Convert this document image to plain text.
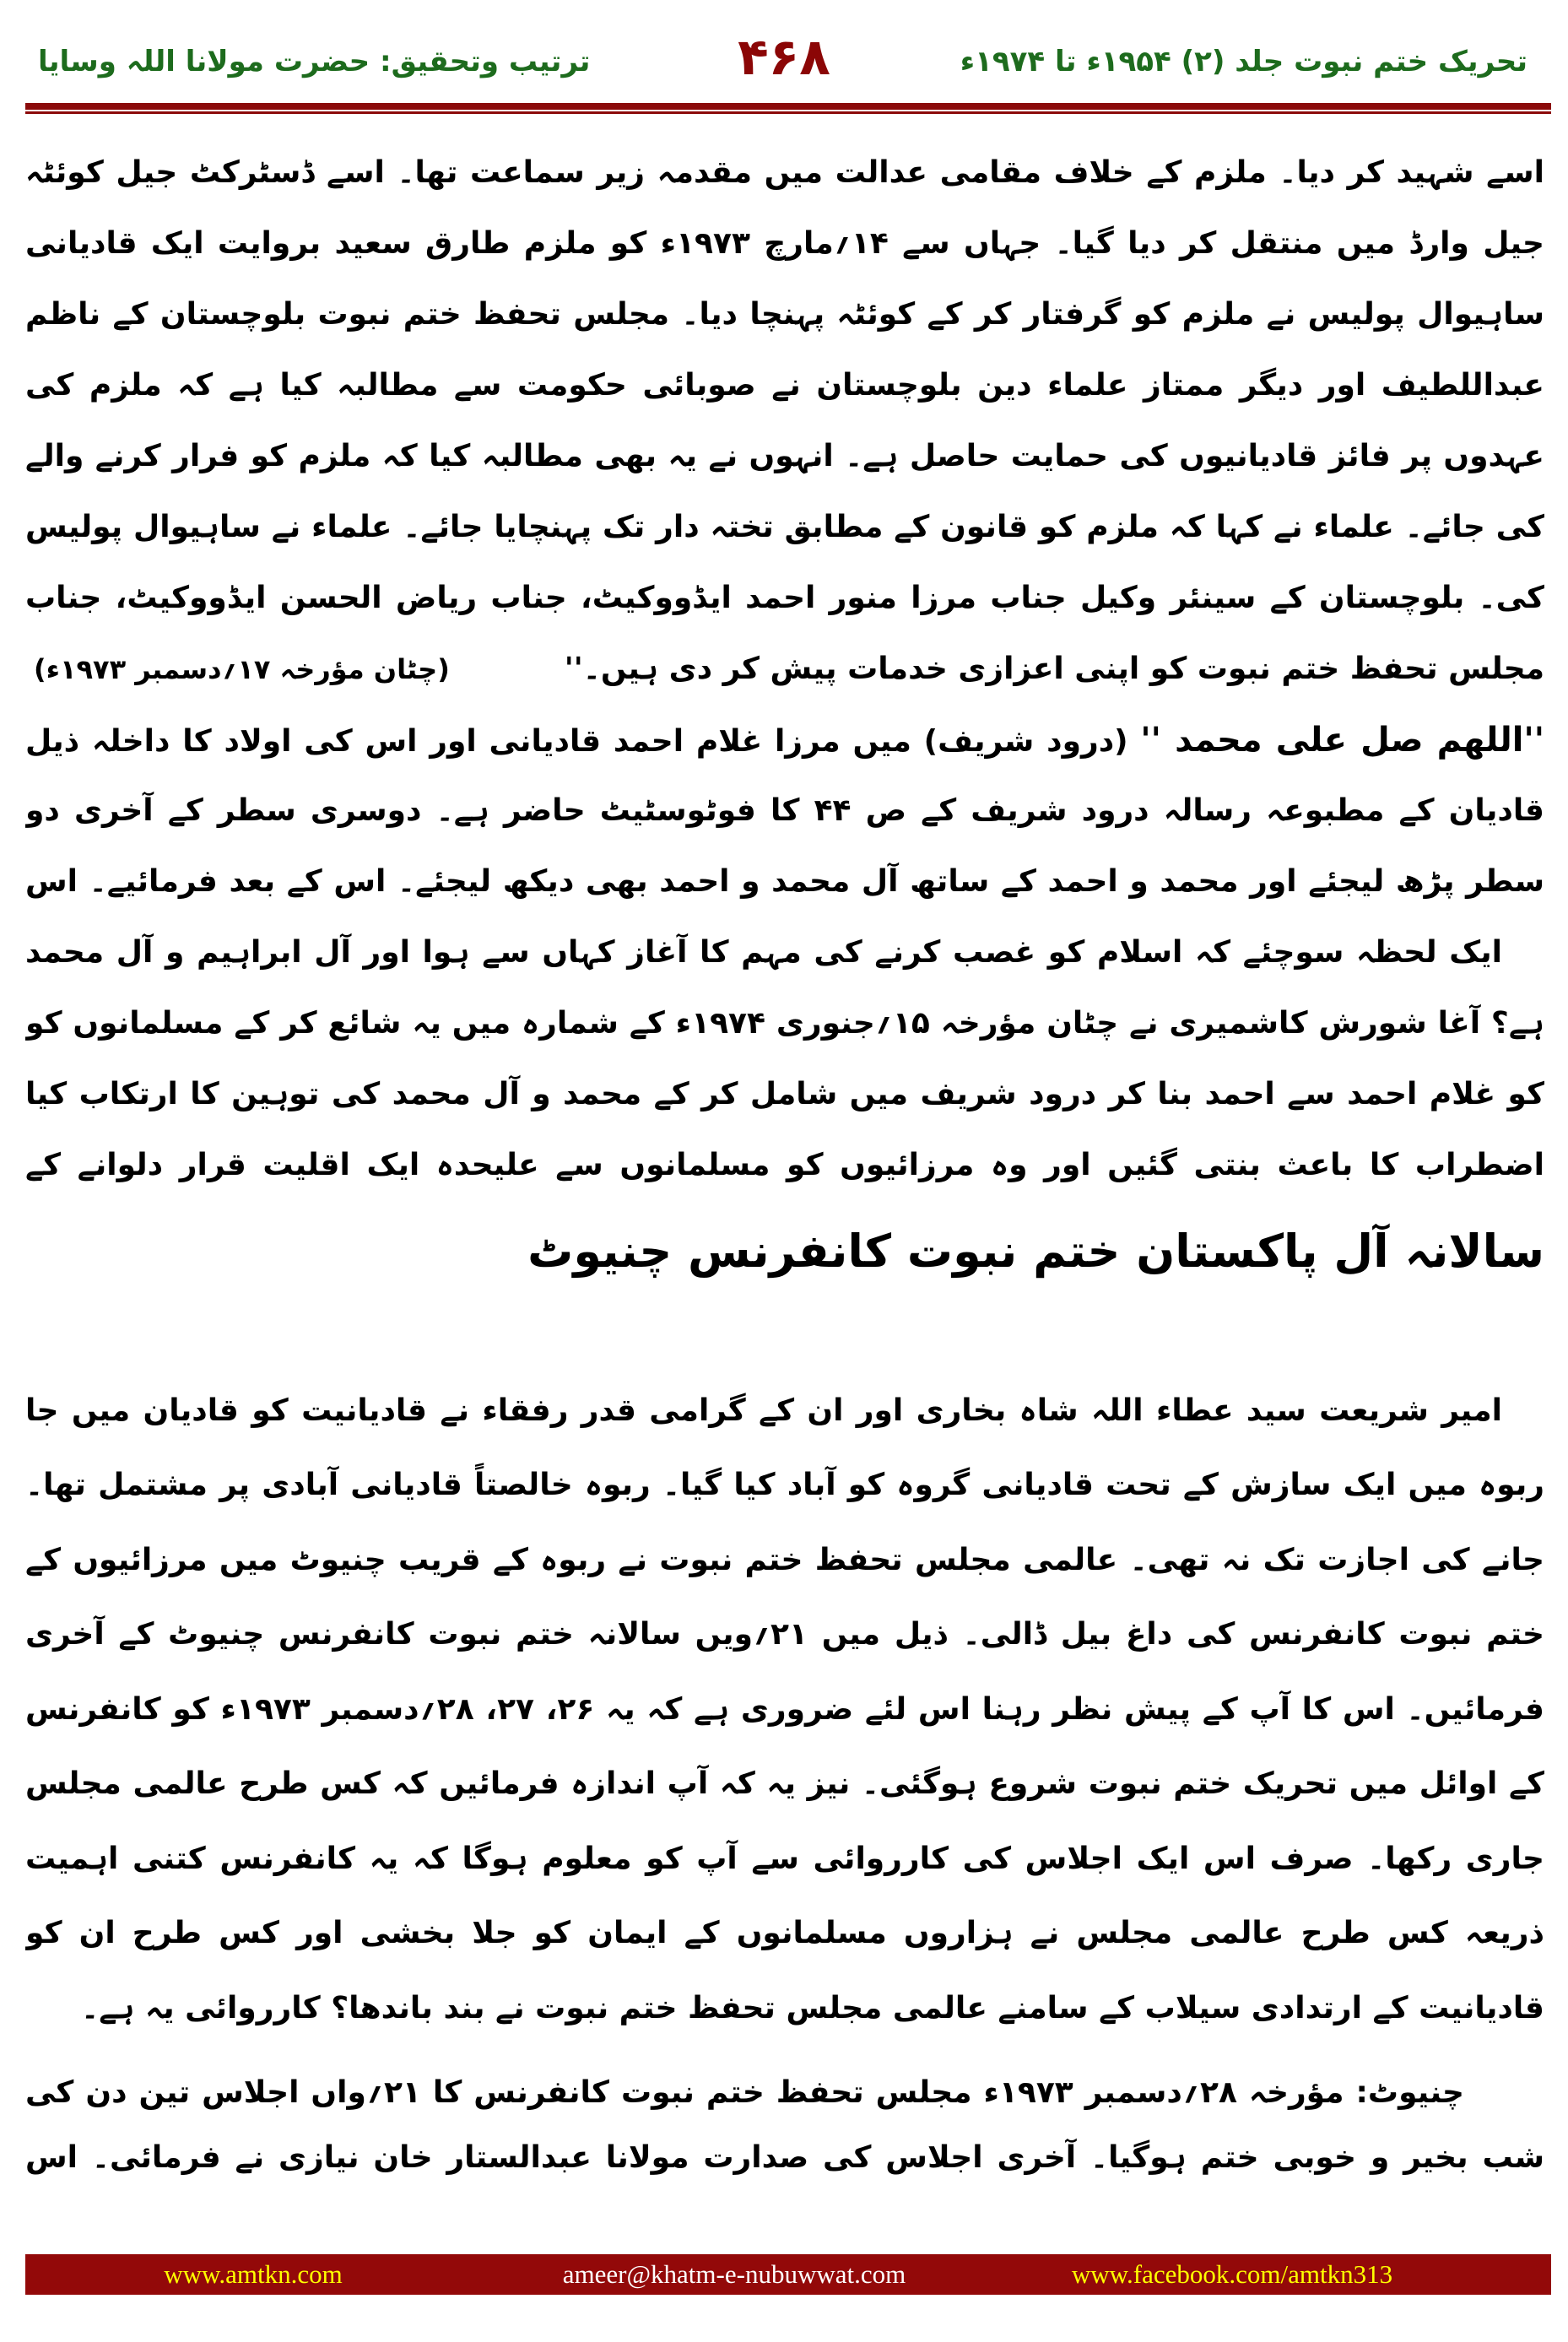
تحریک ختم نبوت جلد (۲) ۱۹۵۴ء تا ۱۹۷۴ء
۴۶۸
ترتیب وتحقیق: حضرت مولانا اللہ وسایا
اسے شہید کر دیا۔ ملزم کے خلاف مقامی عدالت میں مقدمہ زیر سماعت تھا۔ اسے ڈسٹرکٹ جیل کوئٹہ
جیل وارڈ میں منتقل کر دیا گیا۔ جہاں سے ۱۴؍مارچ ۱۹۷۳ء کو ملزم طارق سعید بروایت ایک قادیانی
ساہیوال پولیس نے ملزم کو گرفتار کر کے کوئٹہ پہنچا دیا۔ مجلس تحفظ ختم نبوت بلوچستان کے ناظم
عبداللطیف اور دیگر ممتاز علماء دین بلوچستان نے صوبائی حکومت سے مطالبہ کیا ہے کہ ملزم کی
عہدوں پر فائز قادیانیوں کی حمایت حاصل ہے۔ انہوں نے یہ بھی مطالبہ کیا کہ ملزم کو فرار کرنے والے
کی جائے۔ علماء نے کہا کہ ملزم کو قانون کے مطابق تختہ دار تک پہنچایا جائے۔ علماء نے ساہیوال پولیس
کی۔ بلوچستان کے سینئر وکیل جناب مرزا منور احمد ایڈووکیٹ، جناب ریاض الحسن ایڈووکیٹ، جناب
مجلس تحفظ ختم نبوت کو اپنی اعزازی خدمات پیش کر دی ہیں۔''
(چٹان مؤرخہ ۱۷؍دسمبر ۱۹۷۳ء)
''اللھم صل علی محمد '' (درود شریف) میں مرزا غلام احمد قادیانی اور اس کی اولاد کا داخلہ ذیل
قادیان کے مطبوعہ رسالہ درود شریف کے ص ۴۴ کا فوٹوسٹیٹ حاضر ہے۔ دوسری سطر کے آخری دو
سطر پڑھ لیجئے اور محمد و احمد کے ساتھ آل محمد و احمد بھی دیکھ لیجئے۔ اس کے بعد فرمائیے۔ اس
ایک لحظہ سوچئے کہ اسلام کو غصب کرنے کی مہم کا آغاز کہاں سے ہوا اور آل ابراہیم و آل محمد
ہے؟ آغا شورش کاشمیری نے چٹان مؤرخہ ۱۵؍جنوری ۱۹۷۴ء کے شمارہ میں یہ شائع کر کے مسلمانوں کو
کو غلام احمد سے احمد بنا کر درود شریف میں شامل کر کے محمد و آل محمد کی توہین کا ارتکاب کیا
اضطراب کا باعث بنتی گئیں اور وہ مرزائیوں کو مسلمانوں سے علیحدہ ایک اقلیت قرار دلوانے کے
سالانہ آل پاکستان ختم نبوت کانفرنس چنیوٹ
امیر شریعت سید عطاء اللہ شاہ بخاری اور ان کے گرامی قدر رفقاء نے قادیانیت کو قادیان میں جا
ربوہ میں ایک سازش کے تحت قادیانی گروہ کو آباد کیا گیا۔ ربوہ خالصتاً قادیانی آبادی پر مشتمل تھا۔
جانے کی اجازت تک نہ تھی۔ عالمی مجلس تحفظ ختم نبوت نے ربوہ کے قریب چنیوٹ میں مرزائیوں کے
ختم نبوت کانفرنس کی داغ بیل ڈالی۔ ذیل میں ۲۱؍ویں سالانہ ختم نبوت کانفرنس چنیوٹ کے آخری
فرمائیں۔ اس کا آپ کے پیش نظر رہنا اس لئے ضروری ہے کہ یہ ۲۶، ۲۷، ۲۸؍دسمبر ۱۹۷۳ء کو کانفرنس
کے اوائل میں تحریک ختم نبوت شروع ہوگئی۔ نیز یہ کہ آپ اندازہ فرمائیں کہ کس طرح عالمی مجلس
جاری رکھا۔ صرف اس ایک اجلاس کی کارروائی سے آپ کو معلوم ہوگا کہ یہ کانفرنس کتنی اہمیت
ذریعہ کس طرح عالمی مجلس نے ہزاروں مسلمانوں کے ایمان کو جلا بخشی اور کس طرح ان کو
قادیانیت کے ارتدادی سیلاب کے سامنے عالمی مجلس تحفظ ختم نبوت نے بند باندھا؟ کارروائی یہ ہے۔
چنیوٹ: مؤرخہ ۲۸؍دسمبر ۱۹۷۳ء مجلس تحفظ ختم نبوت کانفرنس کا ۲۱؍واں اجلاس تین دن کی
شب بخیر و خوبی ختم ہوگیا۔ آخری اجلاس کی صدارت مولانا عبدالستار خان نیازی نے فرمائی۔ اس
www.amtkn.com	ameer@khatm-e-nubuwwat.com	www.facebook.com/amtkn313
